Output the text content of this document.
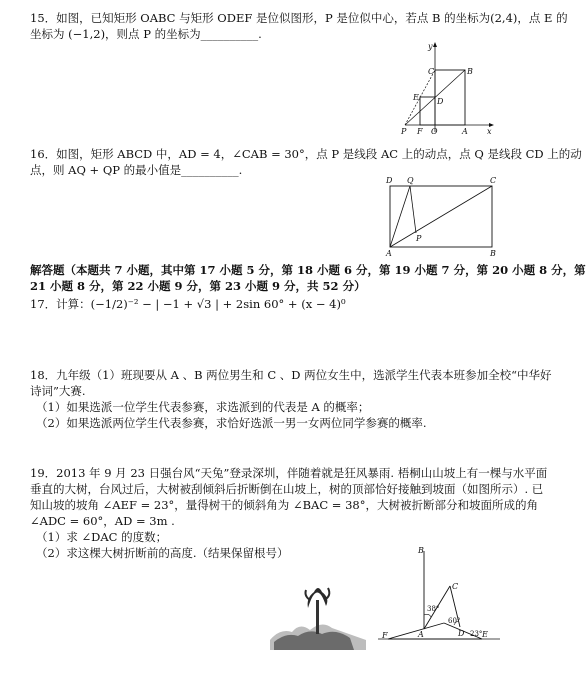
15．如图，已知矩形 OABC 与矩形 ODEF 是位似图形，P 是位似中心，若点 B 的坐标为(2,4)，点 E 的
坐标为 (−1,2)，则点 P 的坐标为__________.
y
C	B
E D
P F O	A x
16．如图，矩形 ABCD 中，AD = 4，∠CAB = 30°，点 P 是线段 AC 上的动点，点 Q 是线段 CD 上的动
点，则 AQ + QP 的最小值是__________.
D Q	C
P
A	B
解答题（本题共 7 小题，其中第 17 小题 5 分，第 18 小题 6 分，第 19 小题 7 分，第 20 小题 8 分，第
21 小题 8 分，第 22 小题 9 分，第 23 小题 9 分，共 52 分）
17．计算：(−1/2)⁻² − | −1 + √3 | + 2sin 60° + (x − 4)⁰
18．九年级（1）班现要从 A 、B 两位男生和 C 、D 两位女生中，选派学生代表本班参加全校“中华好
诗词”大赛.
（1）如果选派一位学生代表参赛，求选派到的代表是 A 的概率；
（2）如果选派两位学生代表参赛，求恰好选派一男一女两位同学参赛的概率.
19．2013 年 9 月 23 日强台风“天兔”登录深圳，伴随着就是狂风暴雨. 梧桐山山坡上有一棵与水平面
垂直的大树，台风过后，大树被刮倾斜后折断倒在山坡上，树的顶部恰好接触到坡面（如图所示）. 已
知山坡的坡角 ∠AEF = 23°，量得树干的倾斜角为 ∠BAC = 38°，大树被折断部分和坡面所成的角
∠ADC = 60°，AD = 3m .
（1）求 ∠DAC 的度数；
（2）求这棵大树折断前的高度.（结果保留根号）	B
C
38°
60°
23°
F	A	D E
